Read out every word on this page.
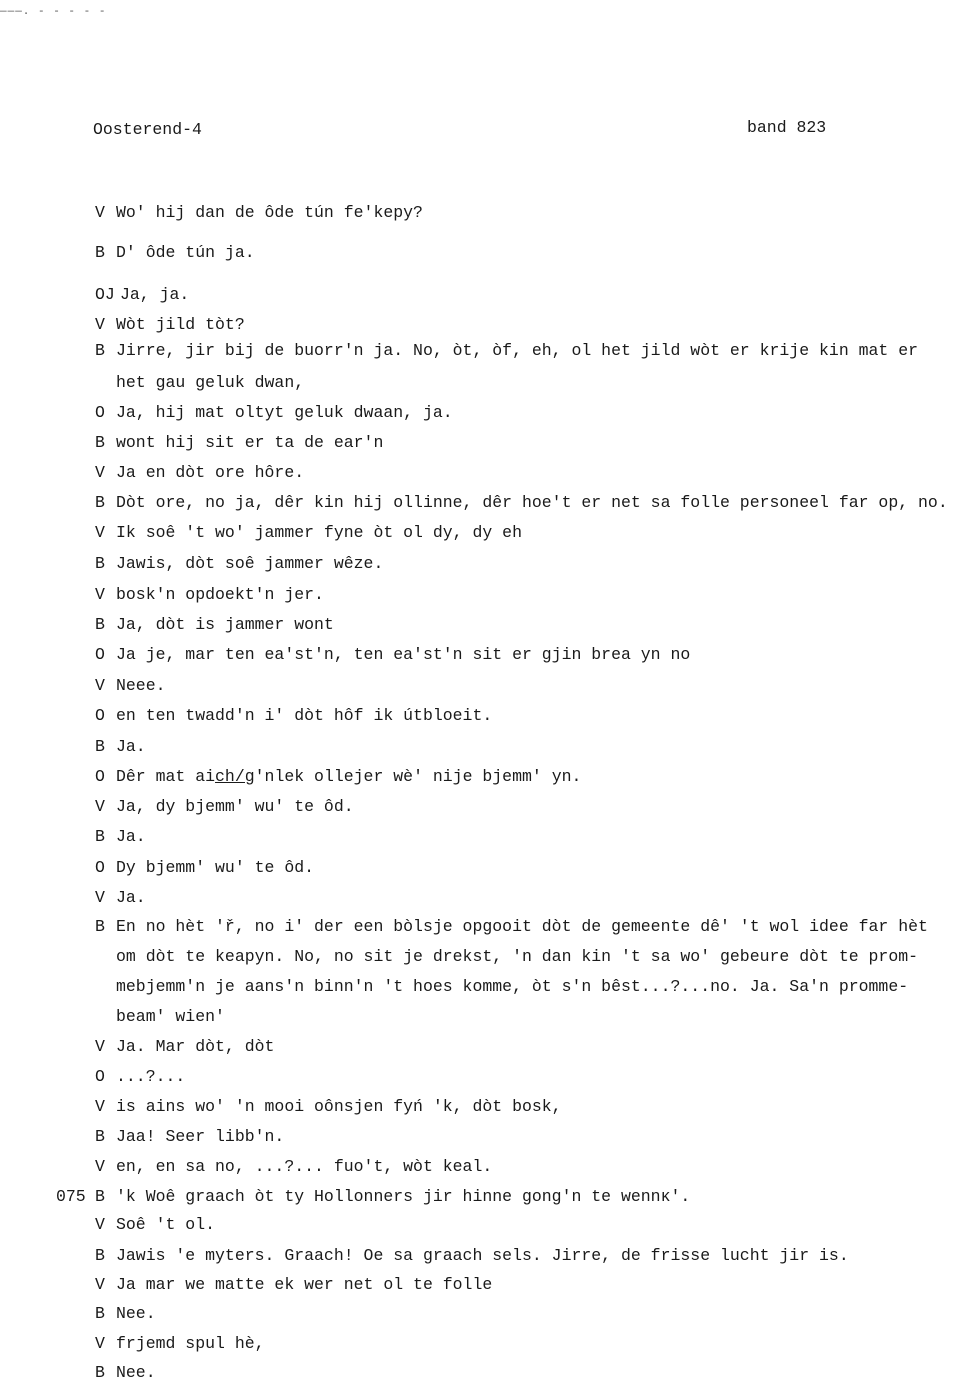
———. - - - - -
Oosterend-4	band 823
V Wo' hij dan de ôde tún fe'kepy?
B D' ôde tún ja.
OJ Ja, ja.
V Wòt jild tòt?
B Jirre, jir bij de buorr'n ja. No, òt, òf, eh, ol het jild wòt er krije kin mat er
het gau geluk dwan,
O Ja, hij mat oltyt geluk dwaan, ja.
B wont hij sit er ta de ear'n
V Ja en dòt ore hôre.
B Dòt ore, no ja, dêr kin hij ollinne, dêr hoe't er net sa folle personeel far op, no.
V Ik soê 't wo' jammer fyne òt ol dy, dy eh
B Jawis, dòt soê jammer wêze.
V bosk'n opdoekt'n jer.
B Ja, dòt is jammer wont
O Ja je, mar ten ea'st'n, ten ea'st'n sit er gjin brea yn no
V Neee.
O en ten twadd'n i' dòt hôf ik útbloeit.
B Ja.
O Dêr mat aich/g'nlek ollejer wè' nije bjemm' yn.
V Ja, dy bjemm' wu' te ôd.
B Ja.
O Dy bjemm' wu' te ôd.
V Ja.
B En no hèt 'ř, no i' der een bòlsje opgooit dòt de gemeente dê' 't wol idee far hèt
om dòt te keapyn. No, no sit je drekst, 'n dan kin 't sa wo' gebeure dòt te prom-
mebjemm'n je aans'n binn'n 't hoes komme, òt s'n bêst...?...no. Ja. Sa'n promme-
beam' wien'
V Ja. Mar dòt, dòt
O ...?...
V is ains wo' 'n mooi oônsjen fyń 'k, dòt bosk,
B Jaa! Seer libb'n.
V en, en sa no, ...?... fuo't, wòt keal.
075 B 'k Woê graach òt ty Hollonners jir hinne gong'n te wennĸ'.
V Soê 't ol.
B Jawis 'e myters. Graach! Oe sa graach sels. Jirre, de frisse lucht jir is.
V Ja mar we matte ek wer net ol te folle
B Nee.
V frjemd spul hè,
B Nee.
